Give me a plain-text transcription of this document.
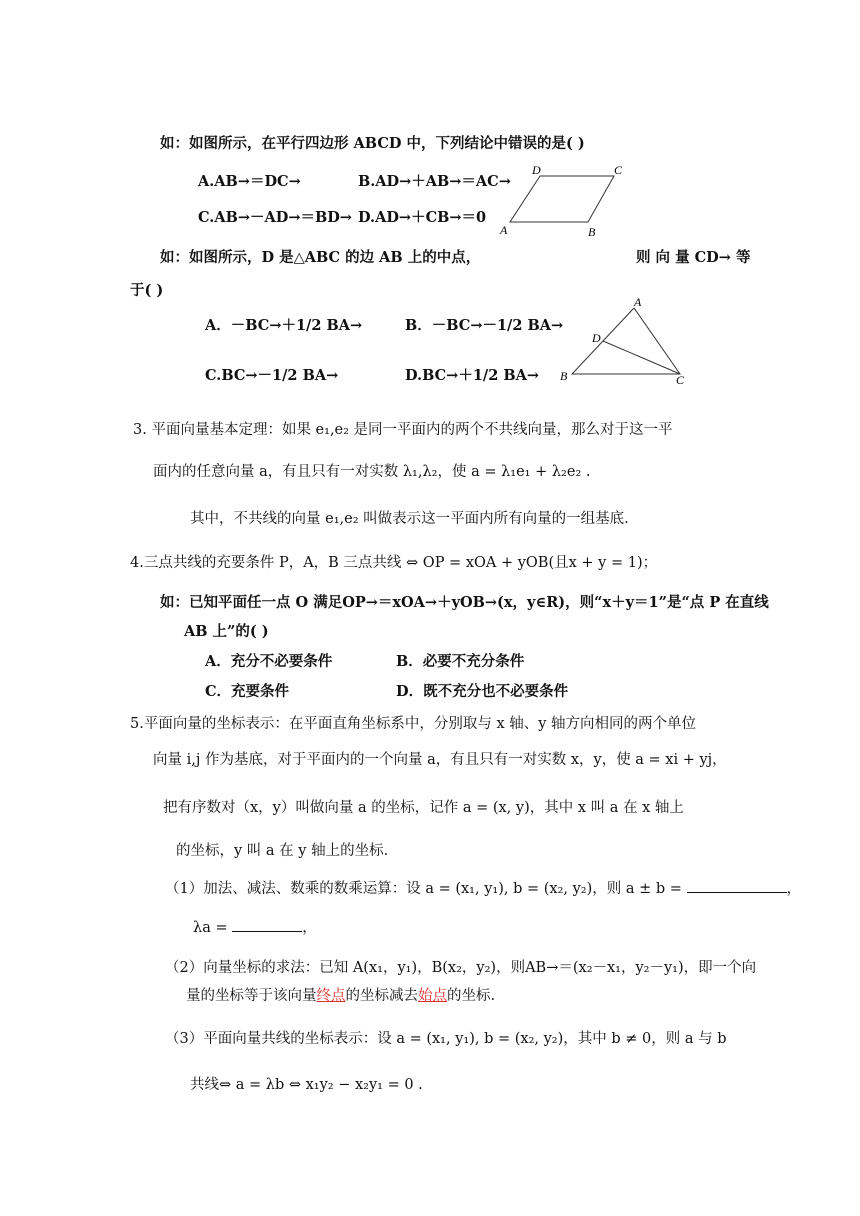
如：如图所示，在平行四边形 ABCD 中，下列结论中错误的是( )
A.AB→＝DC→	B.AD→＋AB→＝AC→
C.AB→－AD→＝BD→ D.AD→＋CB→＝0
D	C
A	B
如：如图所示，D 是△ABC 的边 AB 上的中点，	则 向 量 CD→ 等
于( )
A．－BC→＋1/2 BA→	B．－BC→－1/2 BA→
C.BC→－1/2 BA→	D.BC→＋1/2 BA→
A
D
B	C
3. 平面向量基本定理：如果 e₁,e₂ 是同一平面内的两个不共线向量，那么对于这一平
面内的任意向量 a，有且只有一对实数 λ₁,λ₂，使 a = λ₁e₁ + λ₂e₂ .
其中，不共线的向量 e₁,e₂ 叫做表示这一平面内所有向量的一组基底.
4.三点共线的充要条件 P，A，B 三点共线 ⇔ OP = xOA + yOB(且x + y = 1)；
如：已知平面任一点 O 满足OP→＝xOA→＋yOB→(x，y∈R)，则“x＋y＝1”是“点 P 在直线
AB 上”的( )
A．充分不必要条件	B．必要不充分条件
C．充要条件	D．既不充分也不必要条件
5.平面向量的坐标表示：在平面直角坐标系中，分别取与 x 轴、y 轴方向相同的两个单位
向量 i,j 作为基底，对于平面内的一个向量 a，有且只有一对实数 x，y，使 a = xi + yj，
把有序数对（x，y）叫做向量 a 的坐标，记作 a = (x, y)，其中 x 叫 a 在 x 轴上
的坐标，y 叫 a 在 y 轴上的坐标.
（1）加法、减法、数乘的数乘运算：设 a = (x₁, y₁), b = (x₂, y₂)，则 a ± b =	，
λa =	，
（2）向量坐标的求法：已知 A(x₁，y₁)，B(x₂，y₂)，则AB→＝(x₂－x₁，y₂－y₁)，即一个向
量的坐标等于该向量终点的坐标减去始点的坐标.
（3）平面向量共线的坐标表示：设 a = (x₁, y₁), b = (x₂, y₂)，其中 b ≠ 0，则 a 与 b
共线⇔ a = λb ⇔ x₁y₂ − x₂y₁ = 0 .
